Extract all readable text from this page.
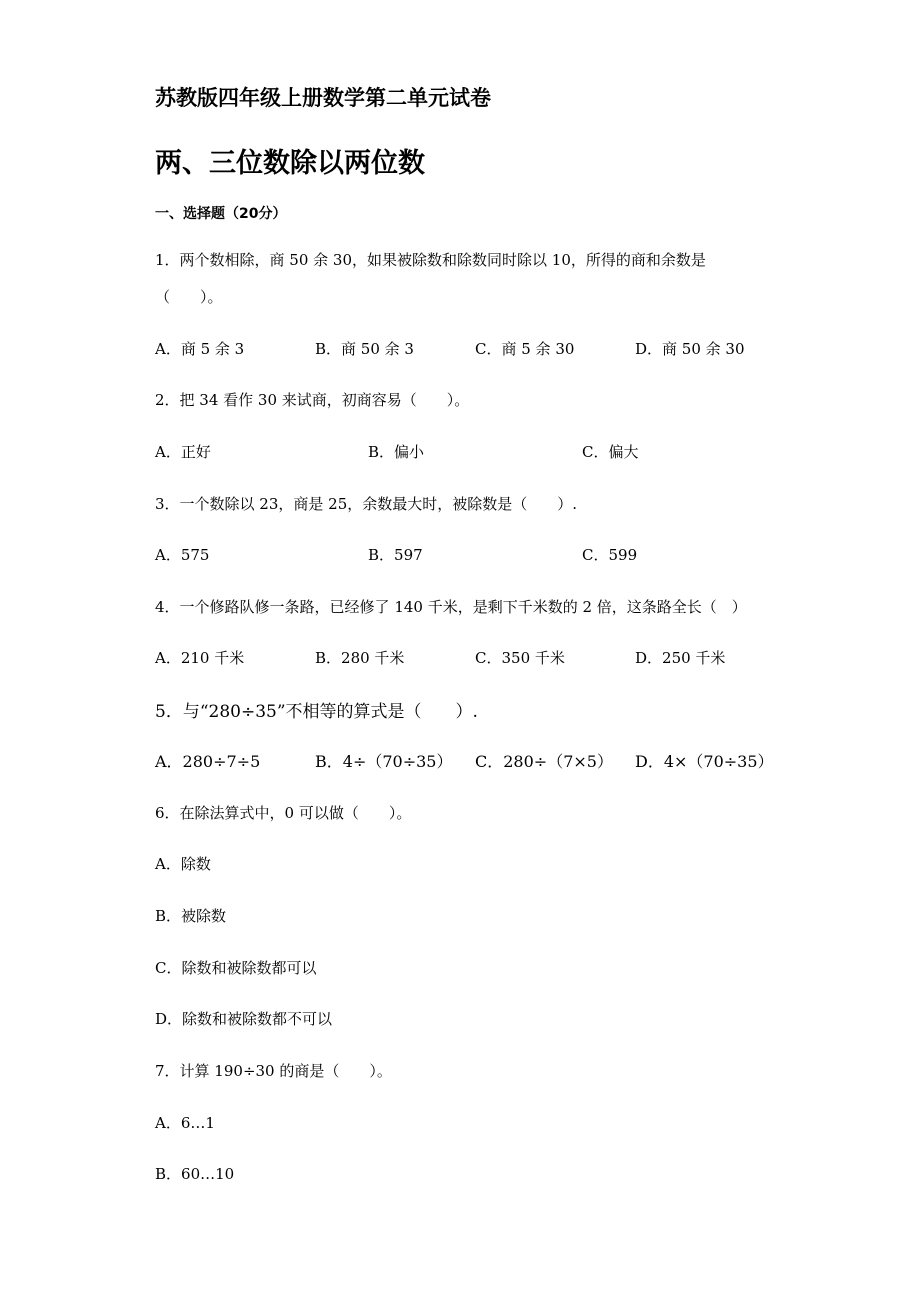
苏教版四年级上册数学第二单元试卷
两、三位数除以两位数
一、选择题（20分）
1．两个数相除，商 50 余 30，如果被除数和除数同时除以 10，所得的商和余数是
（　　）。
A．商 5 余 3	B．商 50 余 3	C．商 5 余 30	D．商 50 余 30
2．把 34 看作 30 来试商，初商容易（　　）。
A．正好	B．偏小	C．偏大
3．一个数除以 23，商是 25，余数最大时，被除数是（　　）.
A．575	B．597	C．599
4．一个修路队修一条路，已经修了 140 千米，是剩下千米数的 2 倍，这条路全长（　）
A．210 千米	B．280 千米	C．350 千米	D．250 千米
5．与“280÷35”不相等的算式是（　　）.
A．280÷7÷5	B．4÷（70÷35） C．280÷（7×5） D．4×（70÷35）
6．在除法算式中，0 可以做（　　）。
A．除数
B．被除数
C．除数和被除数都可以
D．除数和被除数都不可以
7．计算 190÷30 的商是（　　）。
A．6…1
B．60…10
